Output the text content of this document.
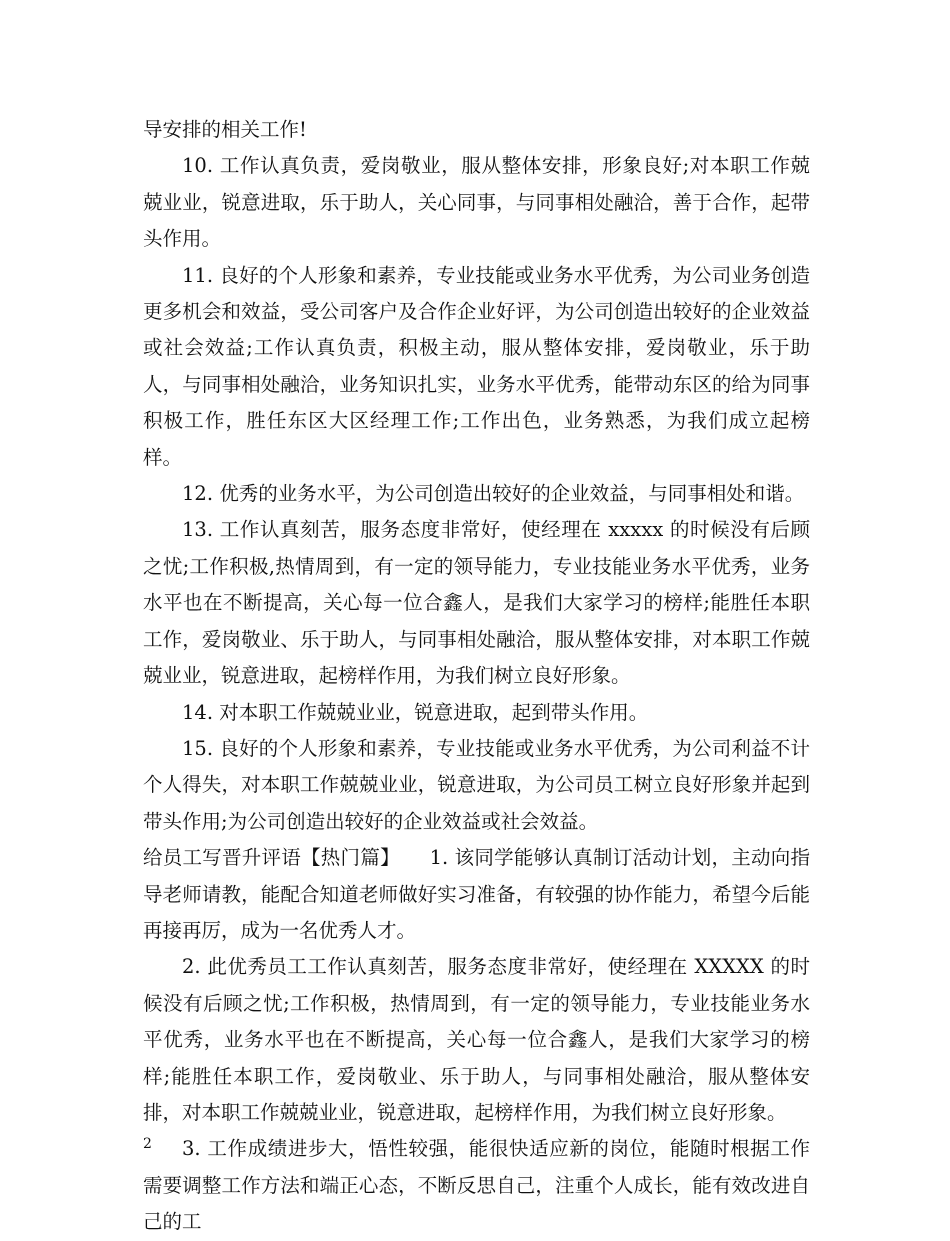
导安排的相关工作!

10. 工作认真负责，爱岗敬业，服从整体安排，形象良好;对本职工作兢兢业业，锐意进取，乐于助人，关心同事，与同事相处融洽，善于合作，起带头作用。

11. 良好的个人形象和素养，专业技能或业务水平优秀，为公司业务创造更多机会和效益，受公司客户及合作企业好评，为公司创造出较好的企业效益或社会效益;工作认真负责，积极主动，服从整体安排，爱岗敬业，乐于助人，与同事相处融洽，业务知识扎实，业务水平优秀，能带动东区的给为同事积极工作，胜任东区大区经理工作;工作出色，业务熟悉，为我们成立起榜样。

12. 优秀的业务水平，为公司创造出较好的企业效益，与同事相处和谐。

13. 工作认真刻苦，服务态度非常好，使经理在 xxxxx 的时候没有后顾之忧;工作积极,热情周到，有一定的领导能力，专业技能业务水平优秀，业务水平也在不断提高，关心每一位合鑫人，是我们大家学习的榜样;能胜任本职工作，爱岗敬业、乐于助人，与同事相处融洽，服从整体安排，对本职工作兢兢业业，锐意进取，起榜样作用，为我们树立良好形象。

14. 对本职工作兢兢业业，锐意进取，起到带头作用。

15. 良好的个人形象和素养，专业技能或业务水平优秀，为公司利益不计个人得失，对本职工作兢兢业业，锐意进取，为公司员工树立良好形象并起到带头作用;为公司创造出较好的企业效益或社会效益。

给员工写晋升评语【热门篇】　　1. 该同学能够认真制订活动计划，主动向指导老师请教，能配合知道老师做好实习准备，有较强的协作能力，希望今后能再接再厉，成为一名优秀人才。

2. 此优秀员工工作认真刻苦，服务态度非常好，使经理在 XXXXX 的时候没有后顾之忧;工作积极，热情周到，有一定的领导能力，专业技能业务水平优秀，业务水平也在不断提高，关心每一位合鑫人，是我们大家学习的榜样;能胜任本职工作，爱岗敬业、乐于助人，与同事相处融洽，服从整体安排，对本职工作兢兢业业，锐意进取，起榜样作用，为我们树立良好形象。

3. 工作成绩进步大，悟性较强，能很快适应新的岗位，能随时根据工作需要调整工作方法和端正心态，不断反思自己，注重个人成长，能有效改进自己的工

2
